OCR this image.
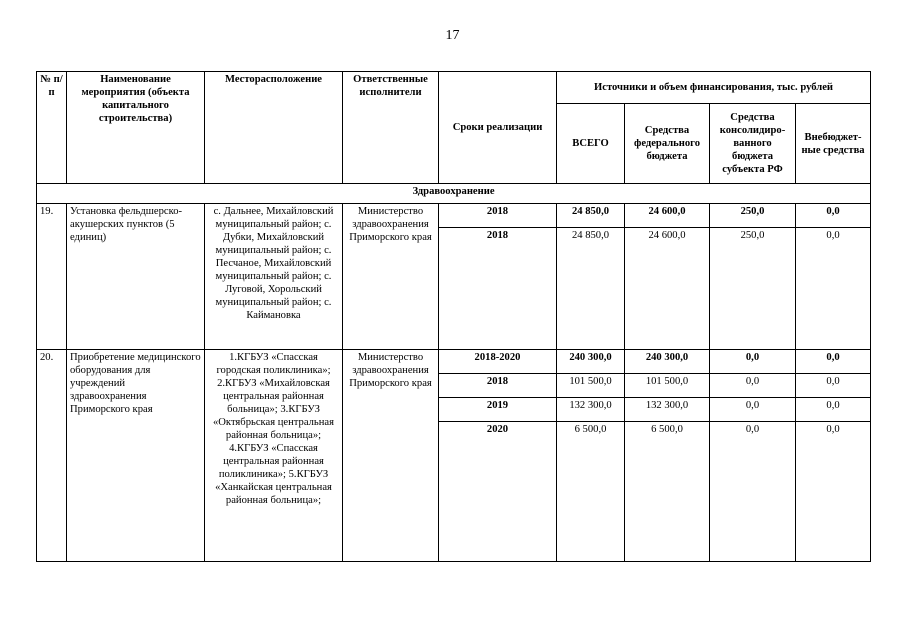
17
№ п/п	Наименование мероприятия (объекта капитального строительства)	Месторасположение	Ответственные исполнители	Сроки реализации	Источники и объем финансирования, тыс. рублей			
					ВСЕГО	Средства федерального бюджета	Средства консолидиро-ванного бюджета субъекта РФ	Внебюджет-ные средства
Здравоохранение								
19.	Установка фельдшерско-акушерских пунктов (5 единиц)	с. Дальнее, Михайловский муниципальный район; с. Дубки, Михайловский муниципальный район; с. Песчаное, Михайловский муниципальный район; с. Луговой, Хорольский муниципальный район; с. Каймановка	Министерство здравоохранения Приморского края	2018	24 850,0	24 600,0	250,0	0,0
				2018	24 850,0	24 600,0	250,0	0,0
20.	Приобретение медицинского оборудования для учреждений здравоохранения Приморского края	1.КГБУЗ «Спасская городская поликлиника»; 2.КГБУЗ «Михайловская центральная районная больница»; 3.КГБУЗ «Октябрьская центральная районная больница»; 4.КГБУЗ «Спасская центральная районная поликлиника»; 5.КГБУЗ «Ханкайская центральная районная больница»;	Министерство здравоохранения Приморского края	2018-2020	240 300,0	240 300,0	0,0	0,0
				2018	101 500,0	101 500,0	0,0	0,0
				2019	132 300,0	132 300,0	0,0	0,0
				2020	6 500,0	6 500,0	0,0	0,0
